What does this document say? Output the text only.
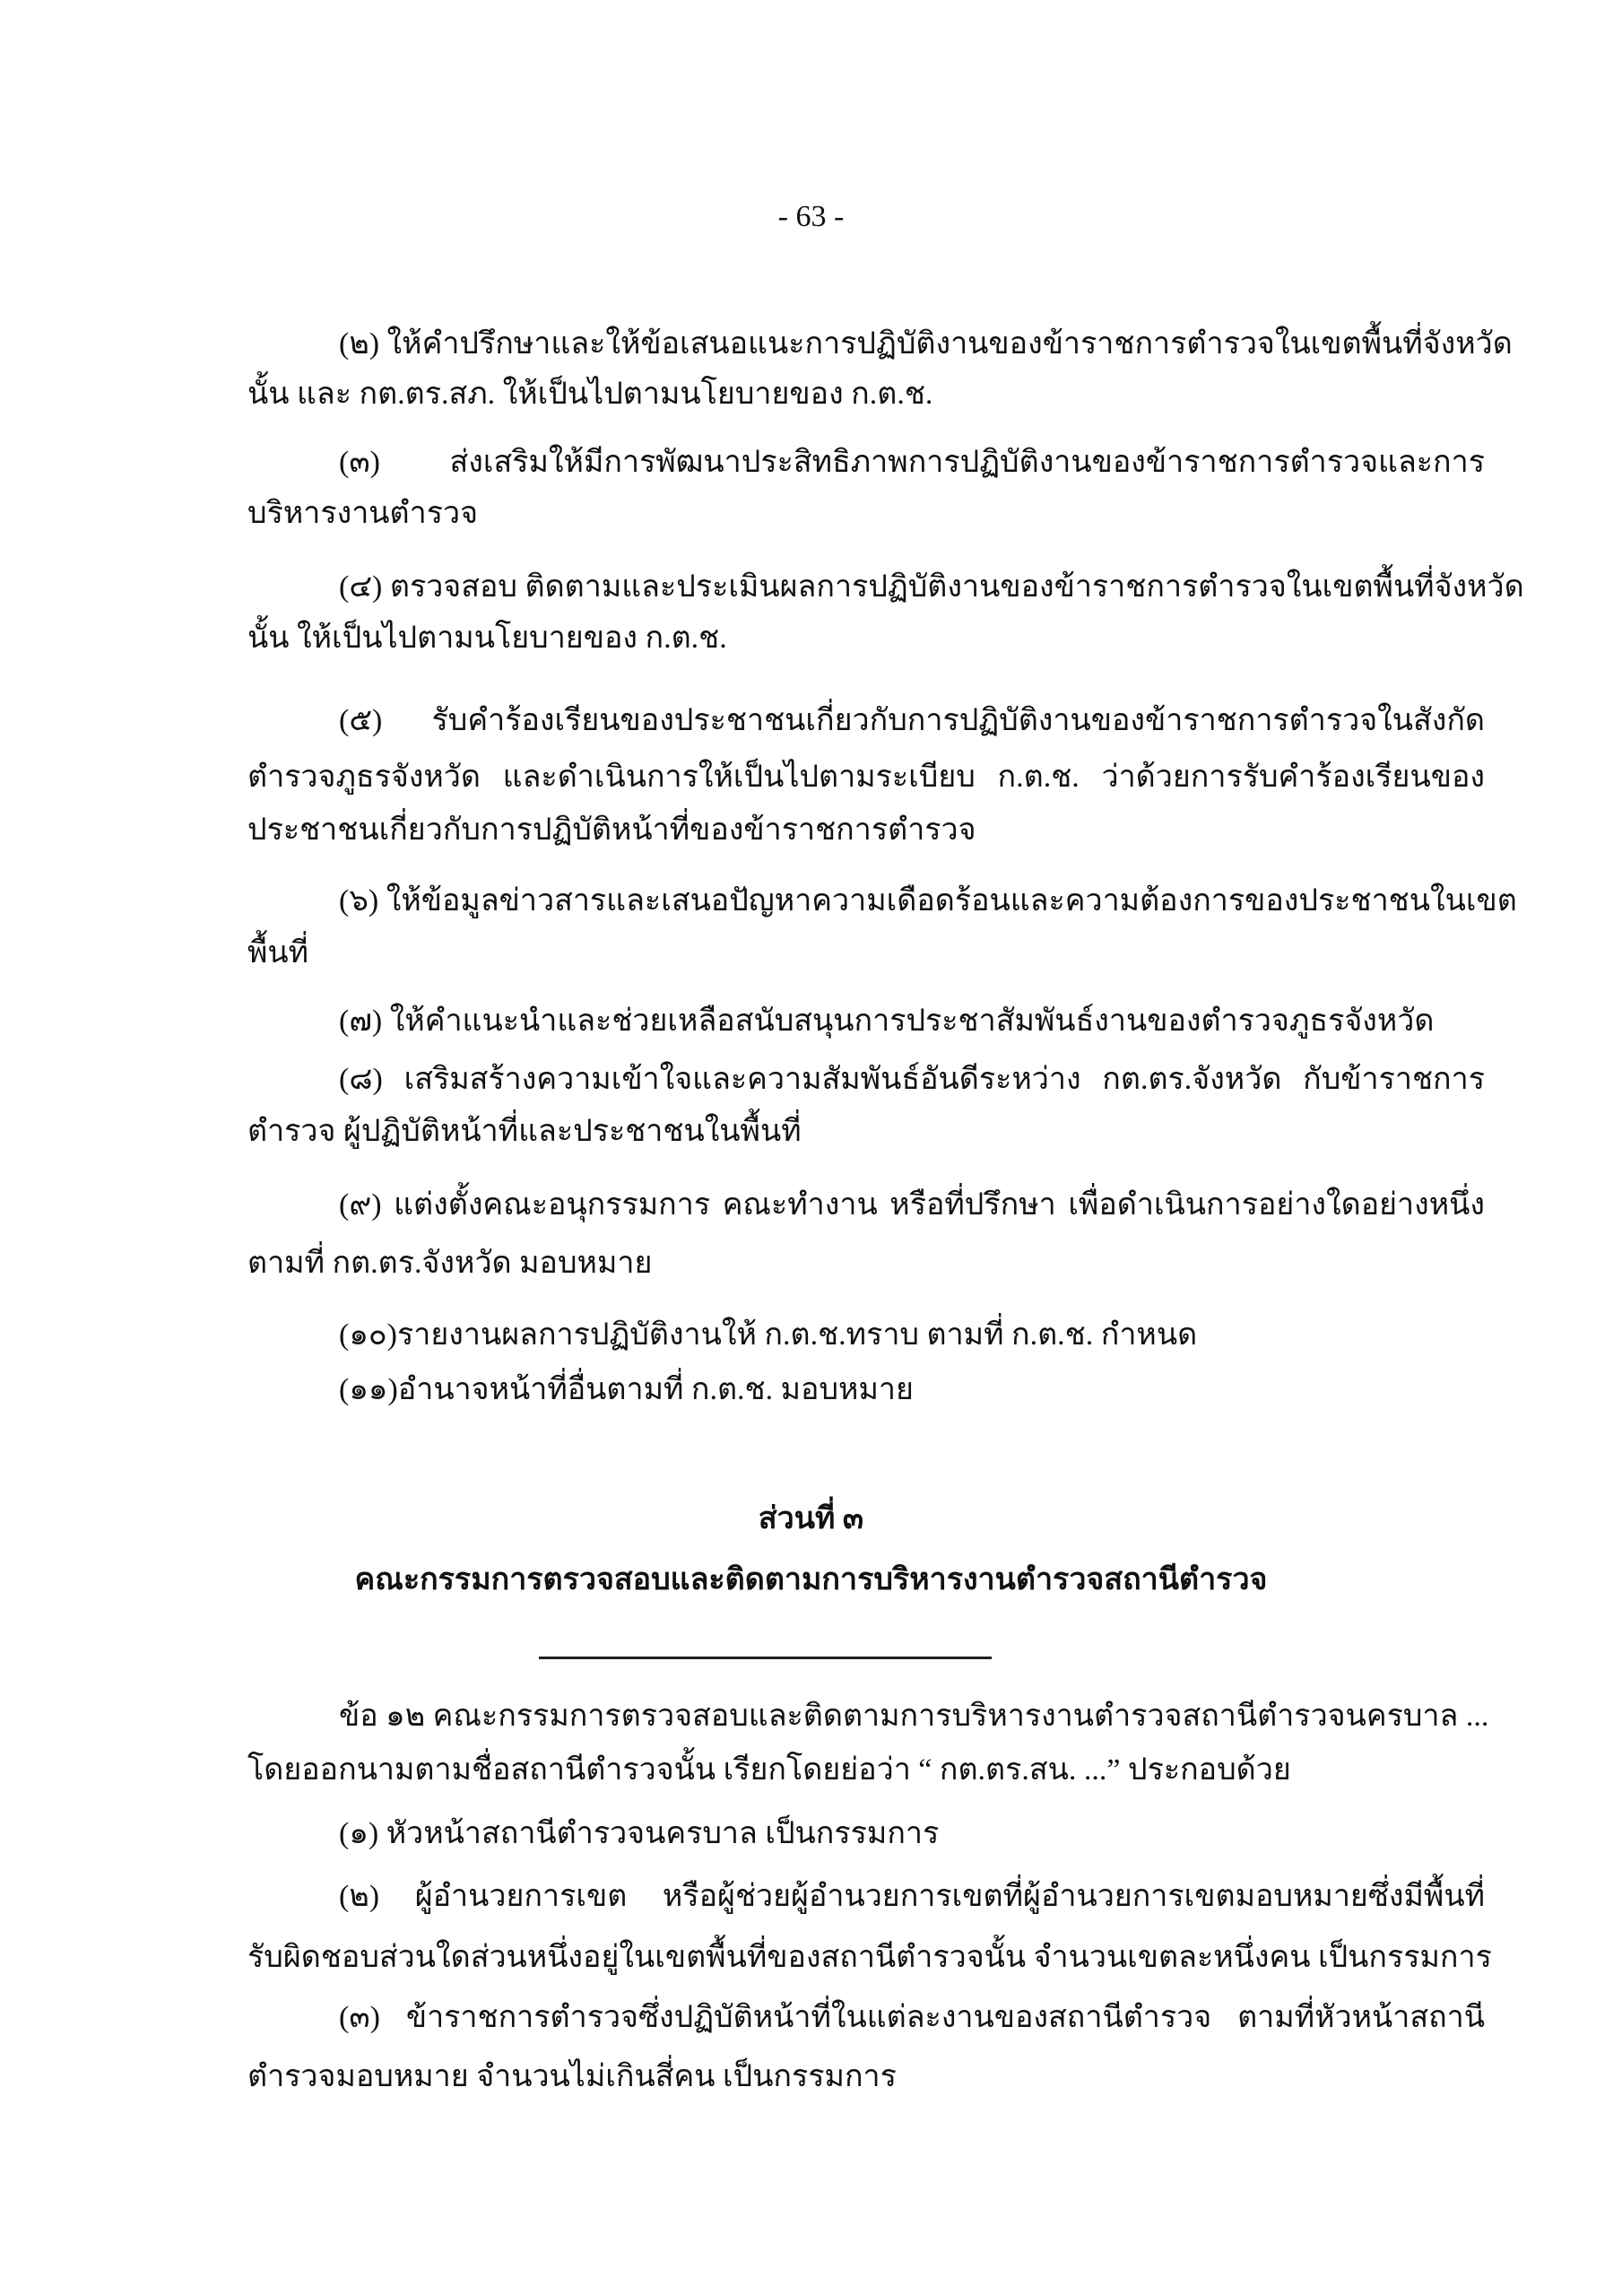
- 63 -
(๒) ให้คำปรึกษาและให้ข้อเสนอแนะการปฏิบัติงานของข้าราชการตำรวจในเขตพื้นที่จังหวัด
นั้น และ กต.ตร.สภ. ให้เป็นไปตามนโยบายของ ก.ต.ช.
(๓) ส่งเสริมให้มีการพัฒนาประสิทธิภาพการปฏิบัติงานของข้าราชการตำรวจและการ
บริหารงานตำรวจ
(๔) ตรวจสอบ ติดตามและประเมินผลการปฏิบัติงานของข้าราชการตำรวจในเขตพื้นที่จังหวัด
นั้น ให้เป็นไปตามนโยบายของ ก.ต.ช.
(๕) รับคำร้องเรียนของประชาชนเกี่ยวกับการปฏิบัติงานของข้าราชการตำรวจในสังกัด
ตำรวจภูธรจังหวัด และดำเนินการให้เป็นไปตามระเบียบ ก.ต.ช. ว่าด้วยการรับคำร้องเรียนของ
ประชาชนเกี่ยวกับการปฏิบัติหน้าที่ของข้าราชการตำรวจ
(๖) ให้ข้อมูลข่าวสารและเสนอปัญหาความเดือดร้อนและความต้องการของประชาชนในเขต
พื้นที่
(๗) ให้คำแนะนำและช่วยเหลือสนับสนุนการประชาสัมพันธ์งานของตำรวจภูธรจังหวัด
(๘) เสริมสร้างความเข้าใจและความสัมพันธ์อันดีระหว่าง กต.ตร.จังหวัด กับข้าราชการ
ตำรวจ ผู้ปฏิบัติหน้าที่และประชาชนในพื้นที่
(๙) แต่งตั้งคณะอนุกรรมการ คณะทำงาน หรือที่ปรึกษา เพื่อดำเนินการอย่างใดอย่างหนึ่ง
ตามที่ กต.ตร.จังหวัด มอบหมาย
(๑๐)รายงานผลการปฏิบัติงานให้ ก.ต.ช.ทราบ ตามที่ ก.ต.ช. กำหนด
(๑๑)อำนาจหน้าที่อื่นตามที่ ก.ต.ช. มอบหมาย
ส่วนที่ ๓
คณะกรรมการตรวจสอบและติดตามการบริหารงานตำรวจสถานีตำรวจ
ข้อ ๑๒ คณะกรรมการตรวจสอบและติดตามการบริหารงานตำรวจสถานีตำรวจนครบาล ...
โดยออกนามตามชื่อสถานีตำรวจนั้น เรียกโดยย่อว่า “ กต.ตร.สน. ...” ประกอบด้วย
(๑) หัวหน้าสถานีตำรวจนครบาล เป็นกรรมการ
(๒) ผู้อำนวยการเขต หรือผู้ช่วยผู้อำนวยการเขตที่ผู้อำนวยการเขตมอบหมายซึ่งมีพื้นที่
รับผิดชอบส่วนใดส่วนหนึ่งอยู่ในเขตพื้นที่ของสถานีตำรวจนั้น จำนวนเขตละหนึ่งคน เป็นกรรมการ
(๓) ข้าราชการตำรวจซึ่งปฏิบัติหน้าที่ในแต่ละงานของสถานีตำรวจ ตามที่หัวหน้าสถานี
ตำรวจมอบหมาย จำนวนไม่เกินสี่คน เป็นกรรมการ
